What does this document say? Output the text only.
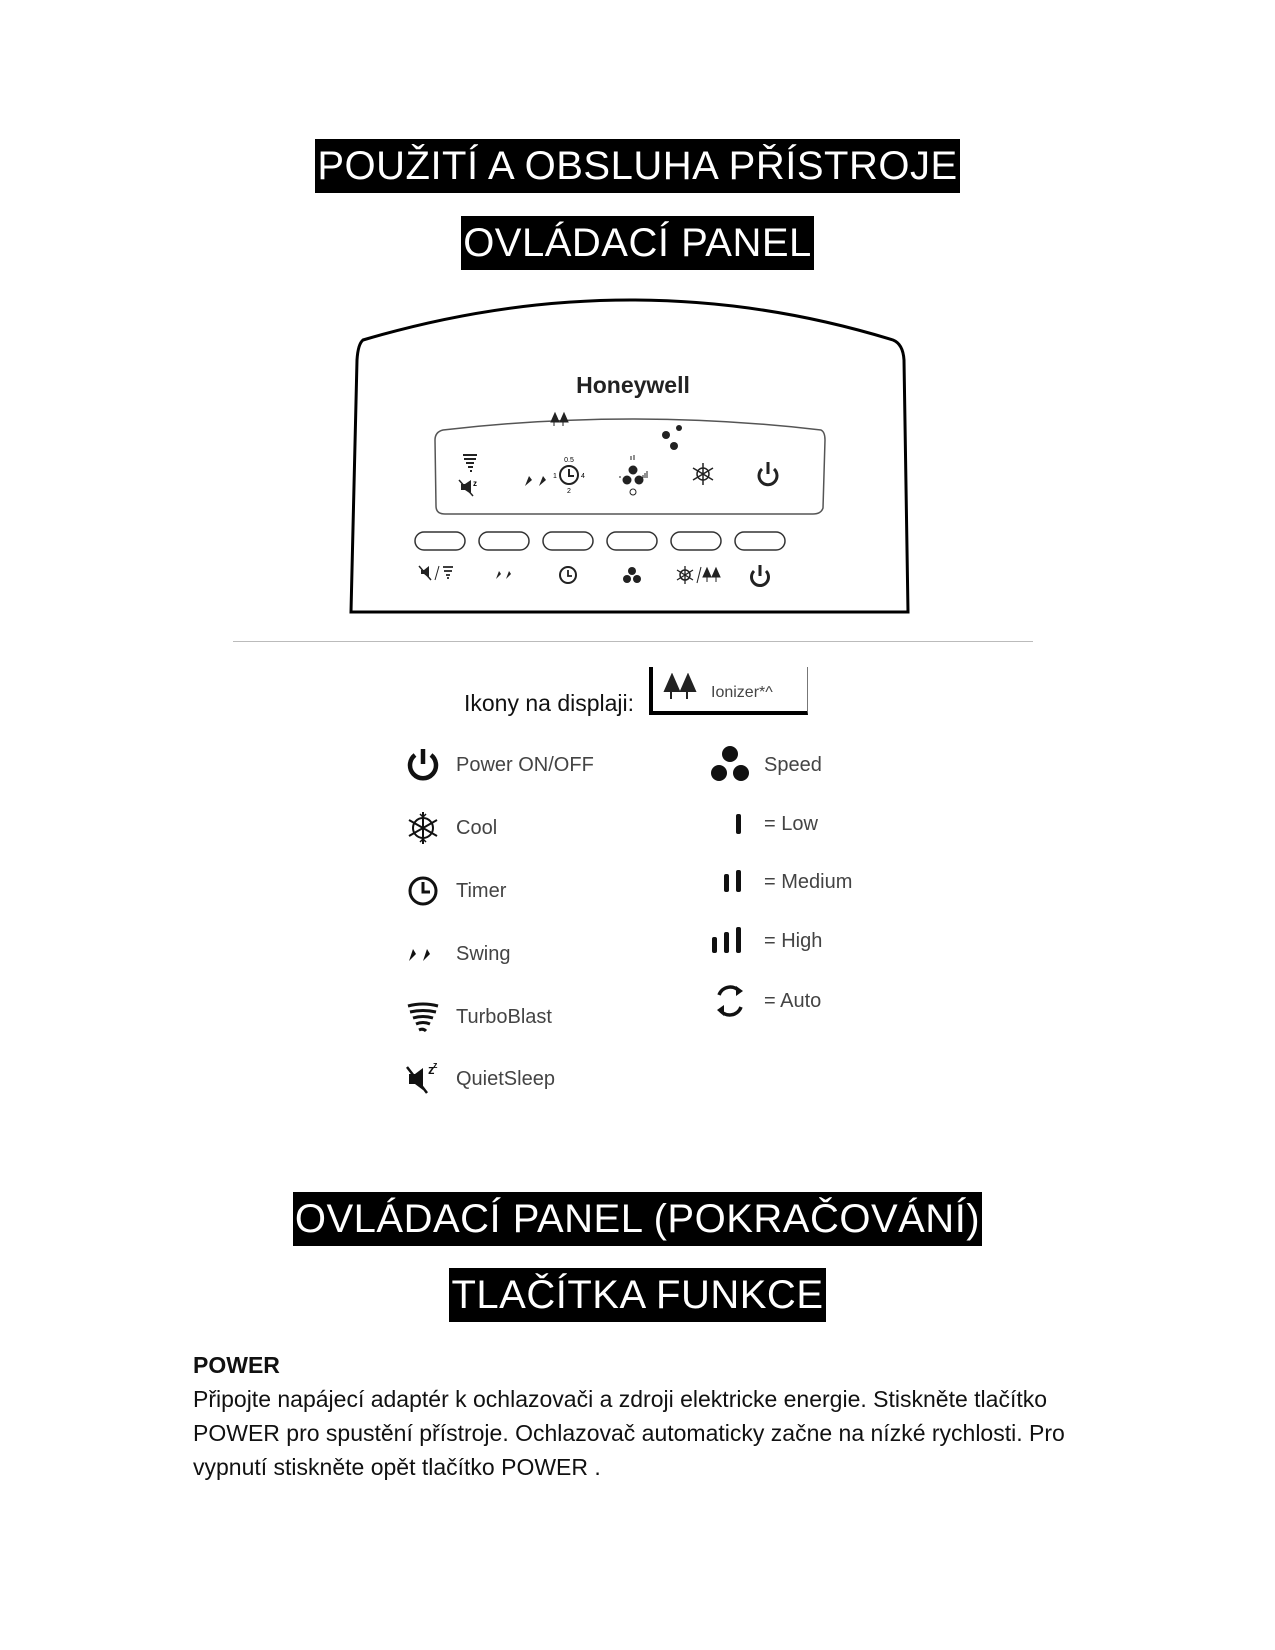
POUŽITÍ A OBSLUHA PŘÍSTROJE
OVLÁDACÍ PANEL
Honeywell
z
0.5
1	4
2
Ikony na displaji:	Ionizer*^
Power ON/OFF
Cool
Timer
Swing
TurboBlast
z
z
QuietSleep
Speed
= Low
= Medium
= High
= Auto
OVLÁDACÍ PANEL (POKRAČOVÁNÍ)
TLAČÍTKA FUNKCE

POWER

Připojte napájecí adaptér k ochlazovači a zdroji elektricke energie. Stiskněte tlačítko POWER pro spustění přístroje. Ochlazovač automaticky začne na nízké rychlosti. Pro vypnutí stiskněte opět tlačítko POWER .
